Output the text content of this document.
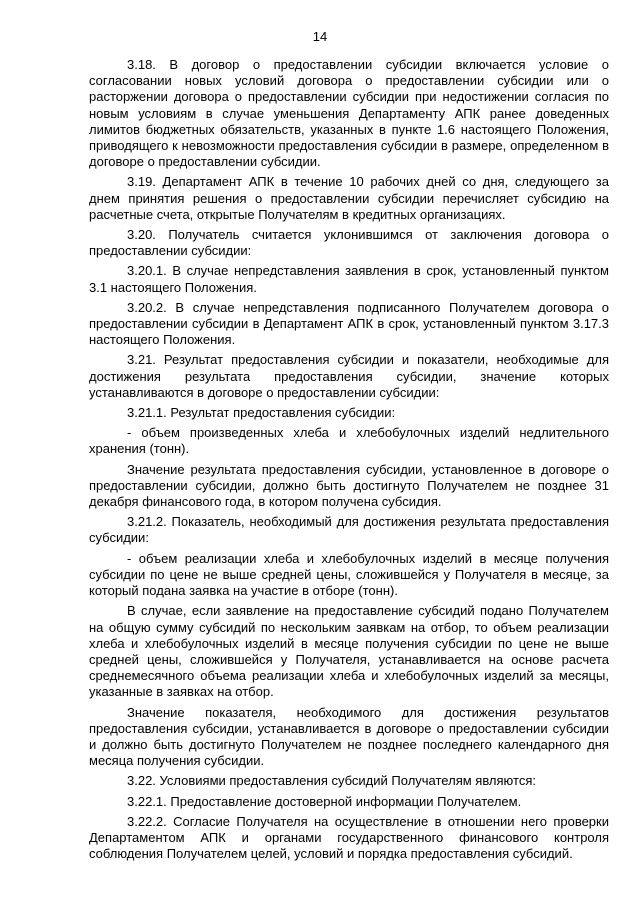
14

3.18. В договор о предоставлении субсидии включается условие о согласовании новых условий договора о предоставлении субсидии или о расторжении договора о предоставлении субсидии при недостижении согласия по новым условиям в случае уменьшения Департаменту АПК ранее доведенных лимитов бюджетных обязательств, указанных в пункте 1.6 настоящего Положения, приводящего к невозможности предоставления субсидии в размере, определенном в договоре о предоставлении субсидии.

3.19. Департамент АПК в течение 10 рабочих дней со дня, следующего за днем принятия решения о предоставлении субсидии перечисляет субсидию на расчетные счета, открытые Получателям в кредитных организациях.

3.20. Получатель считается уклонившимся от заключения договора о предоставлении субсидии:

3.20.1. В случае непредставления заявления в срок, установленный пунктом 3.1 настоящего Положения.

3.20.2. В случае непредставления подписанного Получателем договора о предоставлении субсидии в Департамент АПК в срок, установленный пунктом 3.17.3 настоящего Положения.

3.21. Результат предоставления субсидии и показатели, необходимые для достижения результата предоставления субсидии, значение которых устанавливаются в договоре о предоставлении субсидии:

3.21.1. Результат предоставления субсидии:

- объем произведенных хлеба и хлебобулочных изделий недлительного хранения (тонн).

Значение результата предоставления субсидии, установленное в договоре о предоставлении субсидии, должно быть достигнуто Получателем не позднее 31 декабря финансового года, в котором получена субсидия.

3.21.2. Показатель, необходимый для достижения результата предоставления субсидии:

- объем реализации хлеба и хлебобулочных изделий в месяце получения субсидии по цене не выше средней цены, сложившейся у Получателя в месяце, за который подана заявка на участие в отборе (тонн).

В случае, если заявление на предоставление субсидий подано Получателем на общую сумму субсидий по нескольким заявкам на отбор, то объем реализации хлеба и хлебобулочных изделий в месяце получения субсидии по цене не выше средней цены, сложившейся у Получателя, устанавливается на основе расчета среднемесячного объема реализации хлеба и хлебобулочных изделий за месяцы, указанные в заявках на отбор.

Значение показателя, необходимого для достижения результатов предоставления субсидии, устанавливается в договоре о предоставлении субсидии и должно быть достигнуто Получателем не позднее последнего календарного дня месяца получения субсидии.

3.22. Условиями предоставления субсидий Получателям являются:

3.22.1. Предоставление достоверной информации Получателем.

3.22.2. Согласие Получателя на осуществление в отношении него проверки Департаментом АПК и органами государственного финансового контроля соблюдения Получателем целей, условий и порядка предоставления субсидий.
